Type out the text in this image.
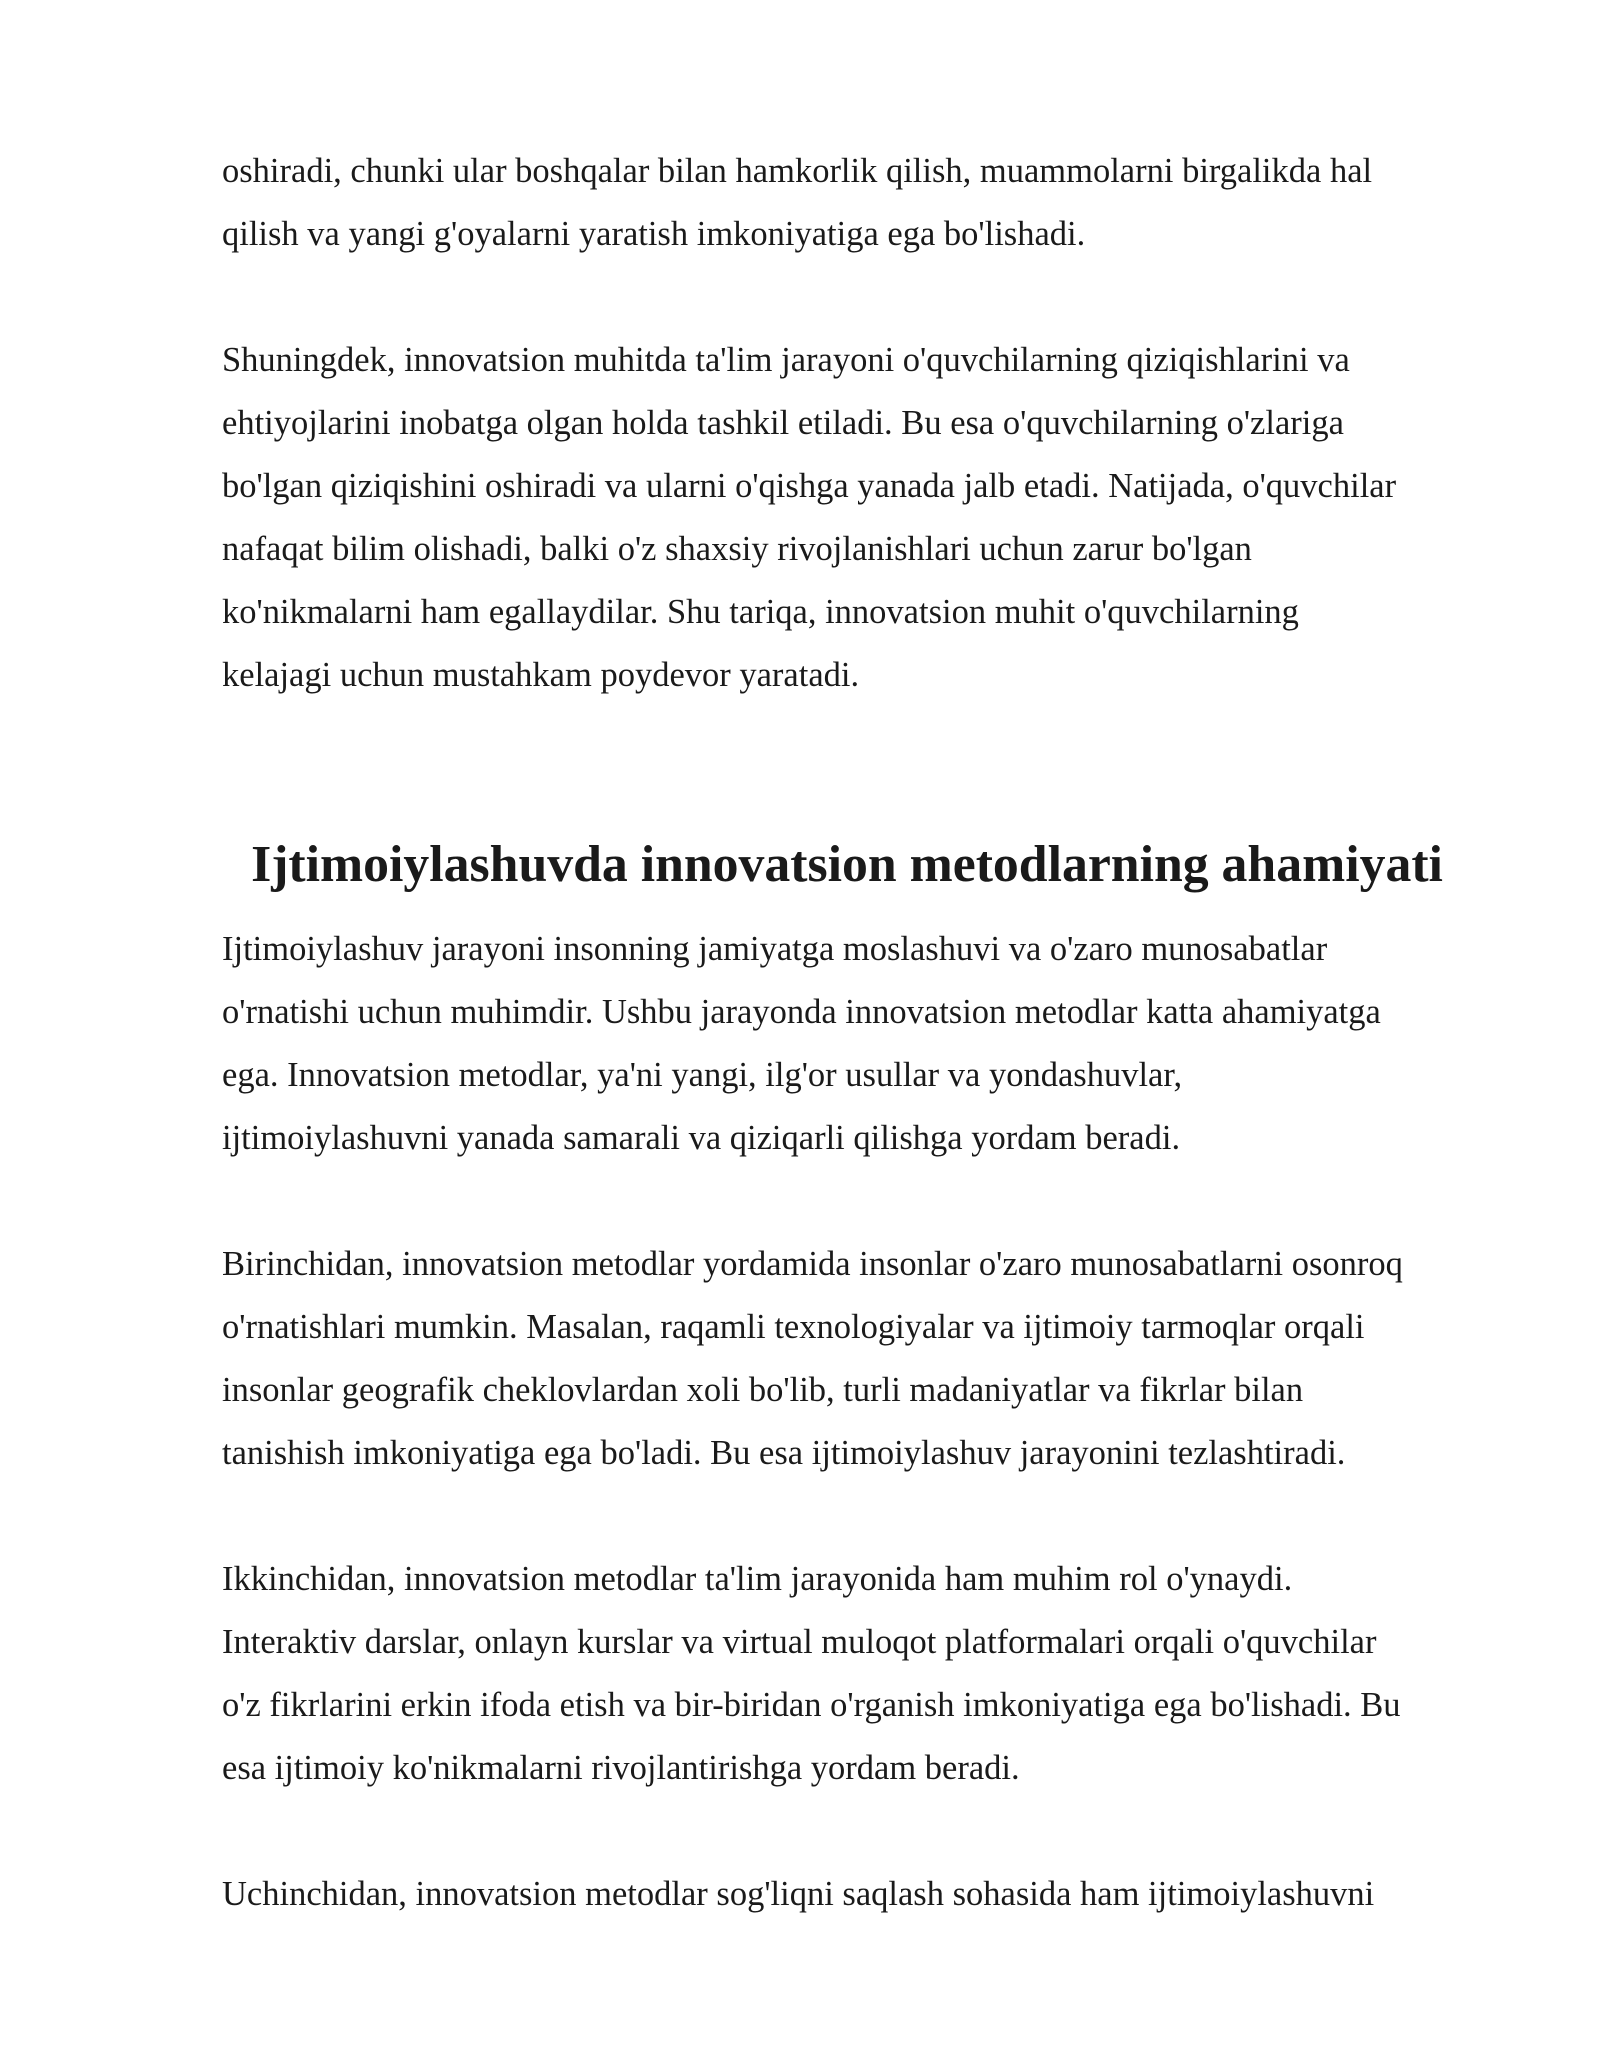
oshiradi, chunki ular boshqalar bilan hamkorlik qilish, muammolarni birgalikda hal
qilish va yangi g'oyalarni yaratish imkoniyatiga ega bo'lishadi.

Shuningdek, innovatsion muhitda ta'lim jarayoni o'quvchilarning qiziqishlarini va
ehtiyojlarini inobatga olgan holda tashkil etiladi. Bu esa o'quvchilarning o'zlariga
bo'lgan qiziqishini oshiradi va ularni o'qishga yanada jalb etadi. Natijada, o'quvchilar
nafaqat bilim olishadi, balki o'z shaxsiy rivojlanishlari uchun zarur bo'lgan
ko'nikmalarni ham egallaydilar. Shu tariqa, innovatsion muhit o'quvchilarning
kelajagi uchun mustahkam poydevor yaratadi.

Ijtimoiylashuvda innovatsion metodlarning ahamiyati

Ijtimoiylashuv jarayoni insonning jamiyatga moslashuvi va o'zaro munosabatlar
o'rnatishi uchun muhimdir. Ushbu jarayonda innovatsion metodlar katta ahamiyatga
ega. Innovatsion metodlar, ya'ni yangi, ilg'or usullar va yondashuvlar,
ijtimoiylashuvni yanada samarali va qiziqarli qilishga yordam beradi.

Birinchidan, innovatsion metodlar yordamida insonlar o'zaro munosabatlarni osonroq
o'rnatishlari mumkin. Masalan, raqamli texnologiyalar va ijtimoiy tarmoqlar orqali
insonlar geografik cheklovlardan xoli bo'lib, turli madaniyatlar va fikrlar bilan
tanishish imkoniyatiga ega bo'ladi. Bu esa ijtimoiylashuv jarayonini tezlashtiradi.

Ikkinchidan, innovatsion metodlar ta'lim jarayonida ham muhim rol o'ynaydi.
Interaktiv darslar, onlayn kurslar va virtual muloqot platformalari orqali o'quvchilar
o'z fikrlarini erkin ifoda etish va bir-biridan o'rganish imkoniyatiga ega bo'lishadi. Bu
esa ijtimoiy ko'nikmalarni rivojlantirishga yordam beradi.

Uchinchidan, innovatsion metodlar sog'liqni saqlash sohasida ham ijtimoiylashuvni
